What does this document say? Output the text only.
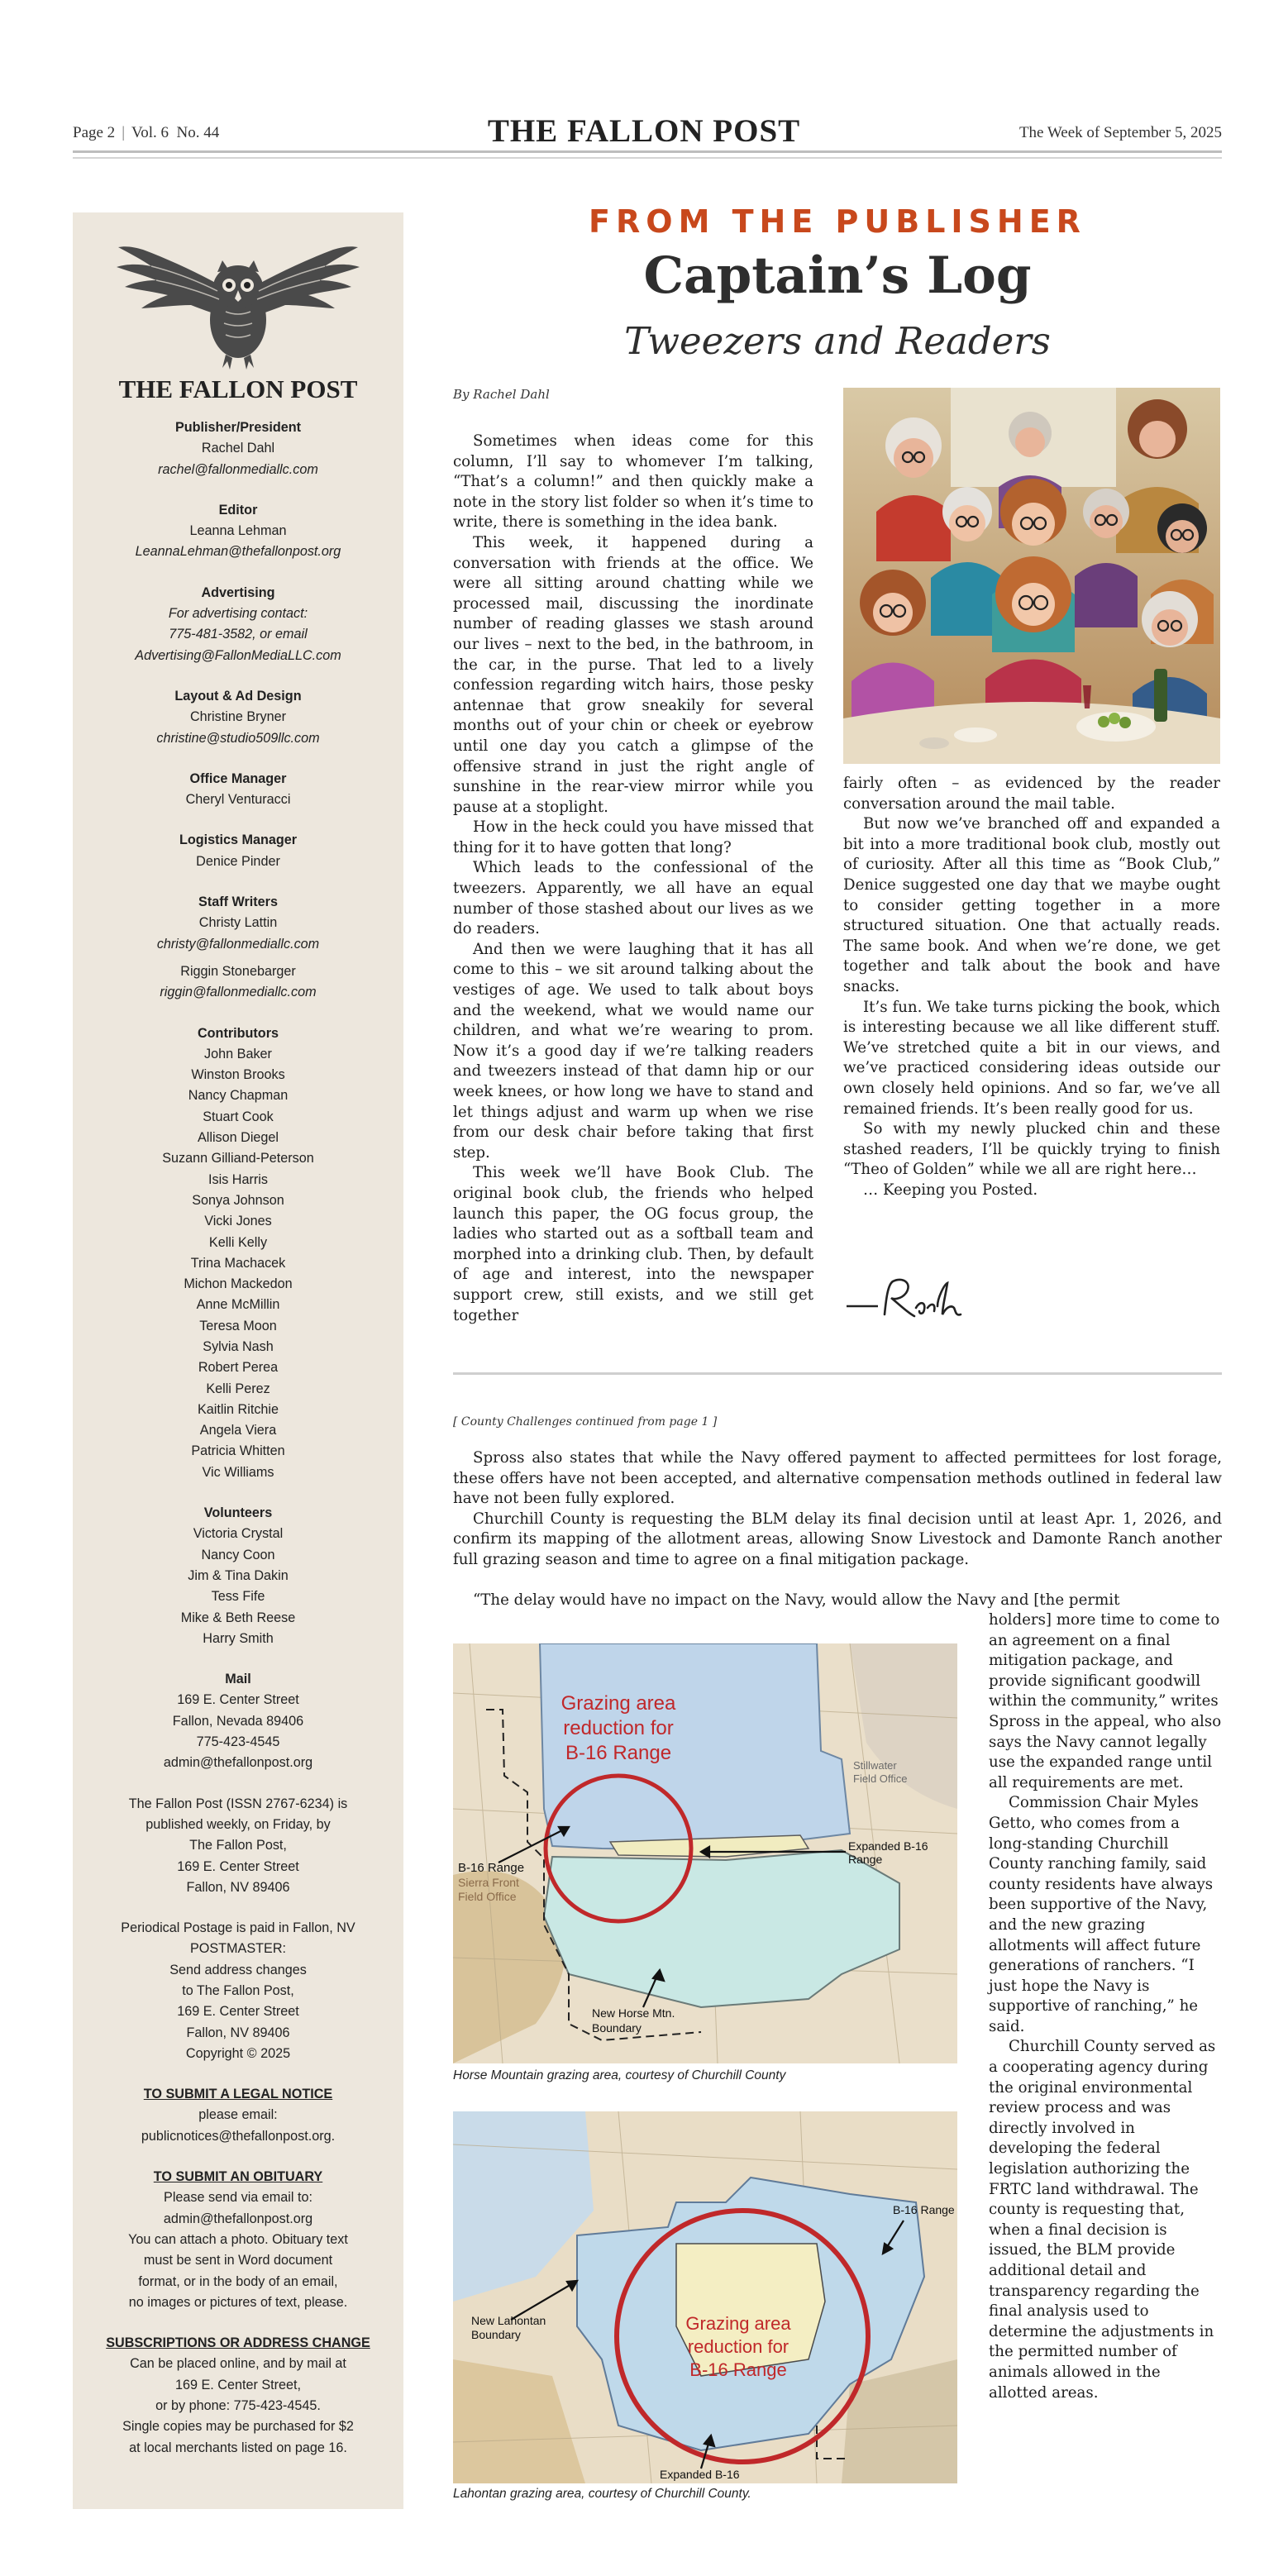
Page 2 | Vol. 6  No. 44	THE FALLON POST	The Week of September 5, 2025
THE FALLON POST
Publisher/President
Rachel Dahl
rachel@fallonmediallc.com
Editor
Leanna Lehman
LeannaLehman@thefallonpost.org
Advertising
For advertising contact:
775-481-3582, or email
Advertising@FallonMediaLLC.com
Layout & Ad Design
Christine Bryner
christine@studio509llc.com
Office Manager
Cheryl Venturacci
Logistics Manager
Denice Pinder
Staff Writers
Christy Lattin
christy@fallonmediallc.com
Riggin Stonebarger
riggin@fallonmediallc.com
Contributors
John Baker
Winston Brooks
Nancy Chapman
Stuart Cook
Allison Diegel
Suzann Gilliand-Peterson
Isis Harris
Sonya Johnson
Vicki Jones
Kelli Kelly
Trina Machacek
Michon Mackedon
Anne McMillin
Teresa Moon
Sylvia Nash
Robert Perea
Kelli Perez
Kaitlin Ritchie
Angela Viera
Patricia Whitten
Vic Williams
Volunteers
Victoria Crystal
Nancy Coon
Jim & Tina Dakin
Tess Fife
Mike & Beth Reese
Harry Smith
Mail
169 E. Center Street
Fallon, Nevada 89406
775-423-4545
admin@thefallonpost.org
The Fallon Post (ISSN 2767-6234) is
published weekly, on Friday, by
The Fallon Post,
169 E. Center Street
Fallon, NV 89406
Periodical Postage is paid in Fallon, NV
POSTMASTER:
Send address changes
to The Fallon Post,
169 E. Center Street
Fallon, NV 89406
Copyright © 2025
TO SUBMIT A LEGAL NOTICE
please email:
publicnotices@thefallonpost.org.
TO SUBMIT AN OBITUARY
Please send via email to:
admin@thefallonpost.org
You can attach a photo. Obituary text
must be sent in Word document
format, or in the body of an email,
no images or pictures of text, please.
SUBSCRIPTIONS OR ADDRESS CHANGE
Can be placed online, and by mail at
169 E. Center Street,
or by phone: 775-423-4545.
Single copies may be purchased for $2
at local merchants listed on page 16.
FROM THE PUBLISHER
Captain’s Log
Tweezers and Readers
By Rachel Dahl

Sometimes when ideas come for this column, I’ll say to whomever I’m talking, “That’s a column!” and then quickly make a note in the story list folder so when it’s time to write, there is something in the idea bank.

This week, it happened during a conversation with friends at the office. We were all sitting around chatting while we processed mail, discussing the inordinate number of reading glasses we stash around our lives – next to the bed, in the bathroom, in the car, in the purse. That led to a lively confession regarding witch hairs, those pesky antennae that grow sneakily for several months out of your chin or cheek or eyebrow until one day you catch a glimpse of the offensive strand in just the right angle of sunshine in the rear-view mirror while you pause at a stoplight.

How in the heck could you have missed that thing for it to have gotten that long?

Which leads to the confessional of the tweezers. Apparently, we all have an equal number of those stashed about our lives as we do readers.

And then we were laughing that it has all come to this – we sit around talking about the vestiges of age. We used to talk about boys and the weekend, what we would name our children, and what we’re wearing to prom. Now it’s a good day if we’re talking readers and tweezers instead of that damn hip or our week knees, or how long we have to stand and let things adjust and warm up when we rise from our desk chair before taking that first step.

This week we’ll have Book Club. The original book club, the friends who helped launch this paper, the OG focus group, the ladies who started out as a softball team and morphed into a drinking club. Then, by default of age and interest, into the newspaper support crew, still exists, and we still get together

fairly often – as evidenced by the reader conversation around the mail table.

But now we’ve branched off and expanded a bit into a more traditional book club, mostly out of curiosity. After all this time as “Book Club,” Denice suggested one day that we maybe ought to consider getting together in a more structured situation. One that actually reads. The same book. And when we’re done, we get together and talk about the book and have snacks.

It’s fun. We take turns picking the book, which is interesting because we all like different stuff. We’ve stretched quite a bit in our views, and we’ve practiced considering ideas outside our own closely held opinions. And so far, we’ve all remained friends. It’s been really good for us.

So with my newly plucked chin and these stashed readers, I’ll be quickly trying to finish “Theo of Golden” while we all are right here…

… Keeping you Posted.

[ County Challenges continued from page 1 ]

Spross also states that while the Navy offered payment to affected permittees for lost forage, these offers have not been accepted, and alternative compensation methods outlined in federal law have not been fully explored.

Churchill County is requesting the BLM delay its final decision until at least Apr. 1, 2026, and confirm its mapping of the allotment areas, allowing Snow Livestock and Damonte Ranch another full grazing season and time to agree on a final mitigation package.

“The delay would have no impact on the Navy, would allow the Navy and [the permit

holders] more time to come to an agreement on a final mitigation package, and provide significant goodwill within the community,” writes Spross in the appeal, who also says the Navy cannot legally use the expanded range until all requirements are met.

Commission Chair Myles Getto, who comes from a long-standing Churchill County ranching family, said county residents have always been supportive of the Navy, and the new grazing allotments will affect future generations of ranchers. “I just hope the Navy is supportive of ranching,” he said.

Churchill County served as a cooperating agency during the original environmental review process and was directly involved in developing the federal legislation authorizing the FRTC land withdrawal. The county is requesting that, when a final decision is issued, the BLM provide additional detail and transparency regarding the final analysis used to determine the adjustments in the permitted number of animals allowed in the allotted areas.

Grazing area
reduction for
B-16 Range
B-16 Range
Sierra Front
Field Office
Expanded B-16
Range
Stillwater
Field Office
New Horse Mtn.
Boundary
Horse Mountain grazing area, courtesy of Churchill County
Grazing area
reduction for
B-16 Range
B-16 Range
New Lahontan
Boundary
Expanded B-16
Lahontan grazing area, courtesy of Churchill County.
